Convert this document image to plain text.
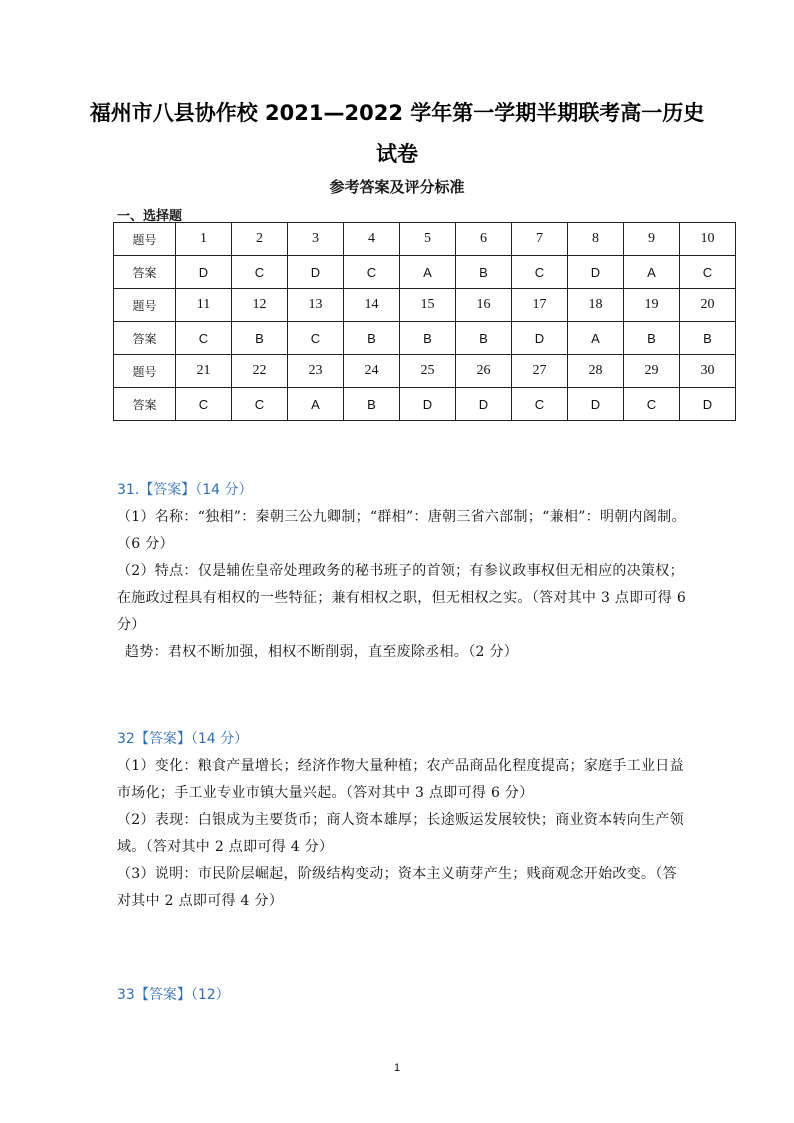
福州市八县协作校 2021—2022 学年第一学期半期联考高一历史
试卷
参考答案及评分标准
一、选择题
题号	1	2	3	4	5	6	7	8	9	10
答案	D	C	D	C	A	B	C	D	A	C
题号	11	12	13	14	15	16	17	18	19	20
答案	C	B	C	B	B	B	D	A	B	B
题号	21	22	23	24	25	26	27	28	29	30
答案	C	C	A	B	D	D	C	D	C	D
31.【答案】（14 分）

（1）名称：“独相”：秦朝三公九卿制；“群相”：唐朝三省六部制；“兼相”：明朝内阁制。（6 分）

（2）特点：仅是辅佐皇帝处理政务的秘书班子的首领；有参议政事权但无相应的决策权；在施政过程具有相权的一些特征；兼有相权之职，但无相权之实。（答对其中 3 点即可得 6 分）

趋势：君权不断加强，相权不断削弱，直至废除丞相。（2 分）

32【答案】（14 分）

（1）变化：粮食产量增长；经济作物大量种植；农产品商品化程度提高；家庭手工业日益市场化；手工业专业市镇大量兴起。（答对其中 3 点即可得 6 分）

（2）表现：白银成为主要货币；商人资本雄厚；长途贩运发展较快；商业资本转向生产领域。（答对其中 2 点即可得 4 分）

（3）说明：市民阶层崛起，阶级结构变动；资本主义萌芽产生；贱商观念开始改变。（答对其中 2 点即可得 4 分）

33【答案】（12）
1
